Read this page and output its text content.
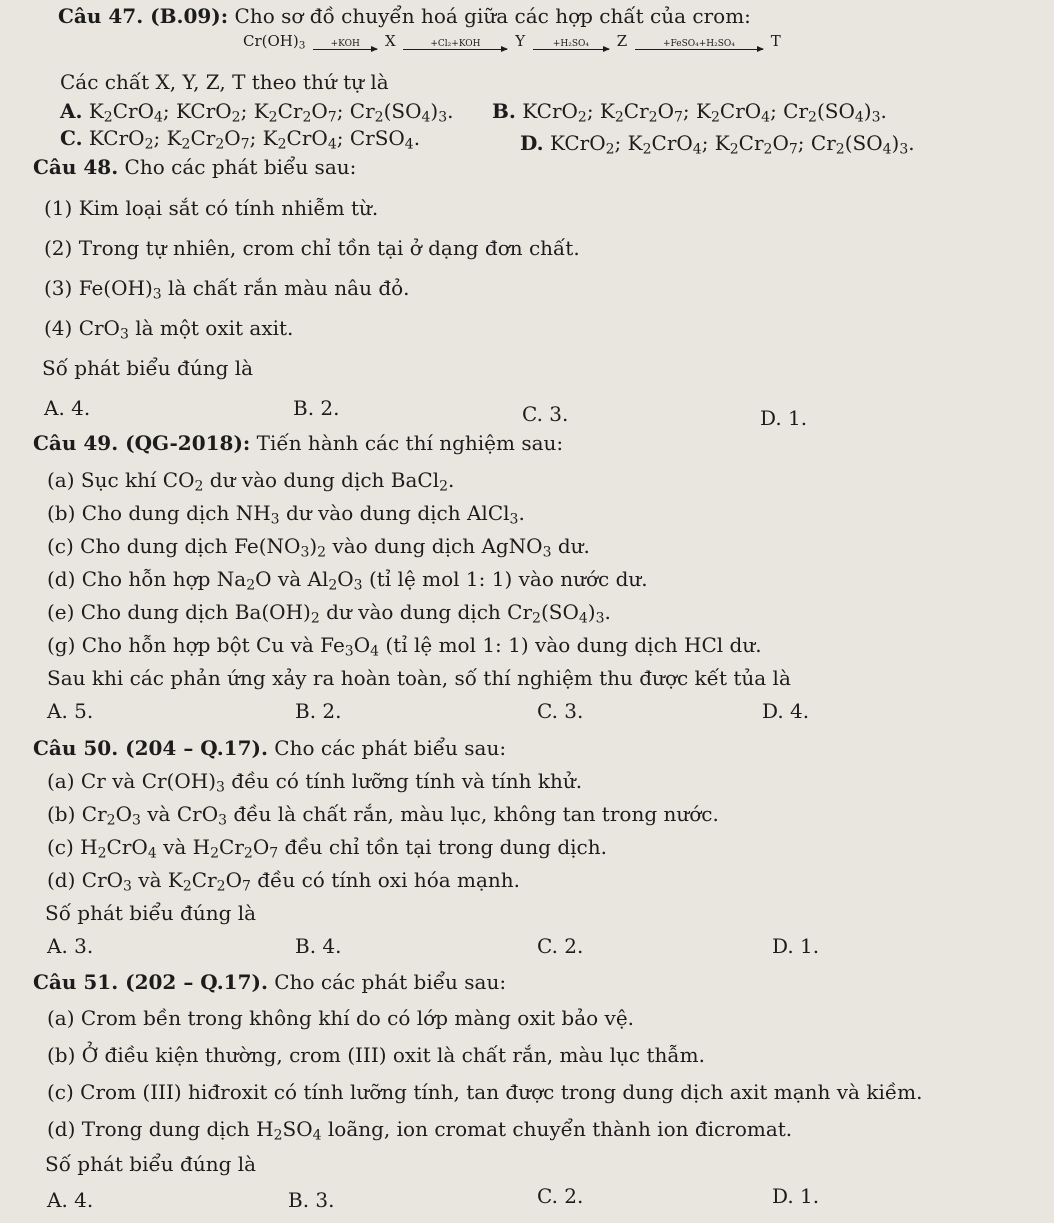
Câu 47. (B.09): Cho sơ đồ chuyển hoá giữa các hợp chất của crom:
$Cr(OH)_3$	+KOH	X	+Cl₂+KOH	Y	+H₂SO₄	Z	+FeSO₄+H₂SO₄	T
Các chất X, Y, Z, T theo thứ tự là
A. $K_2CrO_4$; KCrO$_2$; $K_2Cr_2O_7$; $Cr_2(SO_4)_3$. B. KCrO$_2$; $K_2Cr_2O_7$; $K_2CrO_4$; $Cr_2(SO_4)_3$.
C. KCrO$_2$; $K_2Cr_2O_7$; $K_2CrO_4$; CrSO$_4$.	D. KCrO$_2$; $K_2CrO_4$; $K_2Cr_2O_7$; $Cr_2(SO_4)_3$.
Câu 48. Cho các phát biểu sau:
(1) Kim loại sắt có tính nhiễm từ.
(2) Trong tự nhiên, crom chỉ tồn tại ở dạng đơn chất.
(3) $Fe(OH)_3$ là chất rắn màu nâu đỏ.
(4) CrO$_3$ là một oxit axit.
Số phát biểu đúng là
A. 4.	B. 2.	C. 3.	D. 1.
Câu 49. (QG-2018): Tiến hành các thí nghiệm sau:
(a) Sục khí $CO_2$ dư vào dung dịch BaCl$_2$.
(b) Cho dung dịch $NH_3$ dư vào dung dịch AlCl$_3$.
(c) Cho dung dịch $Fe(NO_3)_2$ vào dung dịch AgNO$_3$ dư.
(d) Cho hỗn hợp $Na_2O$ và $Al_2O_3$ (tỉ lệ mol 1: 1) vào nước dư.
(e) Cho dung dịch $Ba(OH)_2$ dư vào dung dịch $Cr_2(SO_4)_3$.
(g) Cho hỗn hợp bột Cu và $Fe_3O_4$ (tỉ lệ mol 1: 1) vào dung dịch HCl dư.
Sau khi các phản ứng xảy ra hoàn toàn, số thí nghiệm thu được kết tủa là
A. 5.	B. 2.	C. 3.	D. 4.
Câu 50. (204 – Q.17). Cho các phát biểu sau:
(a) Cr và $Cr(OH)_3$ đều có tính lưỡng tính và tính khử.
(b) $Cr_2O_3$ và CrO$_3$ đều là chất rắn, màu lục, không tan trong nước.
(c) $H_2CrO_4$ và $H_2Cr_2O_7$ đều chỉ tồn tại trong dung dịch.
(d) CrO$_3$ và $K_2Cr_2O_7$ đều có tính oxi hóa mạnh.
Số phát biểu đúng là
A. 3.	B. 4.	C. 2.	D. 1.
Câu 51. (202 – Q.17). Cho các phát biểu sau:
(a) Crom bền trong không khí do có lớp màng oxit bảo vệ.
(b) Ở điều kiện thường, crom (III) oxit là chất rắn, màu lục thẫm.
(c) Crom (III) hiđroxit có tính lưỡng tính, tan được trong dung dịch axit mạnh và kiềm.
(d) Trong dung dịch $H_2SO_4$ loãng, ion cromat chuyển thành ion đicromat.
Số phát biểu đúng là
A. 4.	B. 3.	C. 2.	D. 1.
